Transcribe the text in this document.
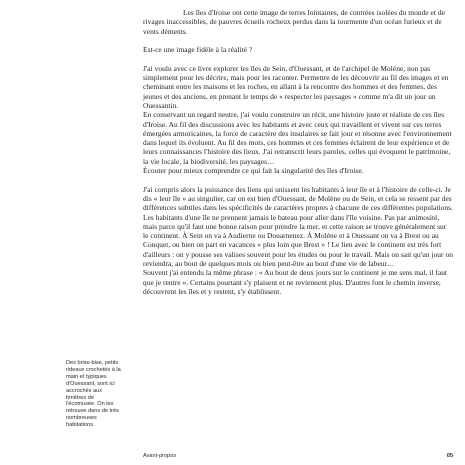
Les îles d'Iroise ont cette image de terres lointaines, de contrées isolées du monde et de rivages inaccessibles, de pauvres écueils rocheux perdus dans la tourmente d'un océan furieux et de vents déments.

Est-ce une image fidèle à la réalité ?

J'ai voulu avec ce livre explorer les îles de Sein, d'Ouessant, et de l'archipel de Molène, non pas simplement pour les décrire, mais pour les raconter. Permettre de les découvrir au fil des images et en cheminant entre les maisons et les roches, en allant à la rencontre des hommes et des femmes, des jeunes et des anciens, en prenant le temps de « respecter les paysages » comme m'a dit un jour un Ouessantin.

En conservant un regard neutre, j'ai voulu construire un récit, une histoire juste et réaliste de ces îles d'Iroise. Au fil des discussions avec les habitants et avec ceux qui travaillent et vivent sur ces terres émergées armoricaines, la force de caractère des insulaires se fait jour et résonne avec l'environnement dans lequel ils évoluent. Au fil des mots, ces hommes et ces femmes éclairent de leur expérience et de leurs connaissances l'histoire des lieux. J'ai retranscrit leurs paroles, celles qui évoquent le patrimoine, la vie locale, la biodiversité, les paysages…

Écouter pour mieux comprendre ce qui fait la singularité des îles d'Iroise.

J'ai compris alors la puissance des liens qui unissent les habitants à leur île et à l'histoire de celle-ci. Je dis « leur île » au singulier, car on est bien d'Ouessant, de Molène ou de Sein, et cela se ressent par des différences subtiles dans les spécificités de caractères propres à chacune de ces différentes populations. Les habitants d'une île ne prennent jamais le bateau pour aller dans l'île voisine. Pas par animosité, mais parce qu'il faut une bonne raison pour prendre la mer, et cette raison se trouve généralement sur le continent. À Sein on va à Audierne ou Douarnenez. À Molène et à Ouessant on va à Brest ou au Conquet, ou bien on part en vacances « plus loin que Brest » ! Le lien avec le continent est très fort d'ailleurs : on y pousse ses valises souvent pour les études ou pour le travail. Mais on sait qu'un jour on reviendra, au bout de quelques mois ou bien peut-être au bout d'une vie de labeur…

Souvent j'ai entendu la même phrase : « Au bout de deux jours sur le continent je me sens mal, il faut que je rentre ». Certains pourtant s'y plaisent et ne reviennent plus. D'autres font le chemin inverse, découvrent les îles et y restent, s'y établissent.

Des brise-bise, petits rideaux crochetés à la main et typiques d'Ouessant, sont ici accrochés aux fenêtres de l'écomusée. On les retrouve dans de très nombreuses habitations.
Avant-propos	05
